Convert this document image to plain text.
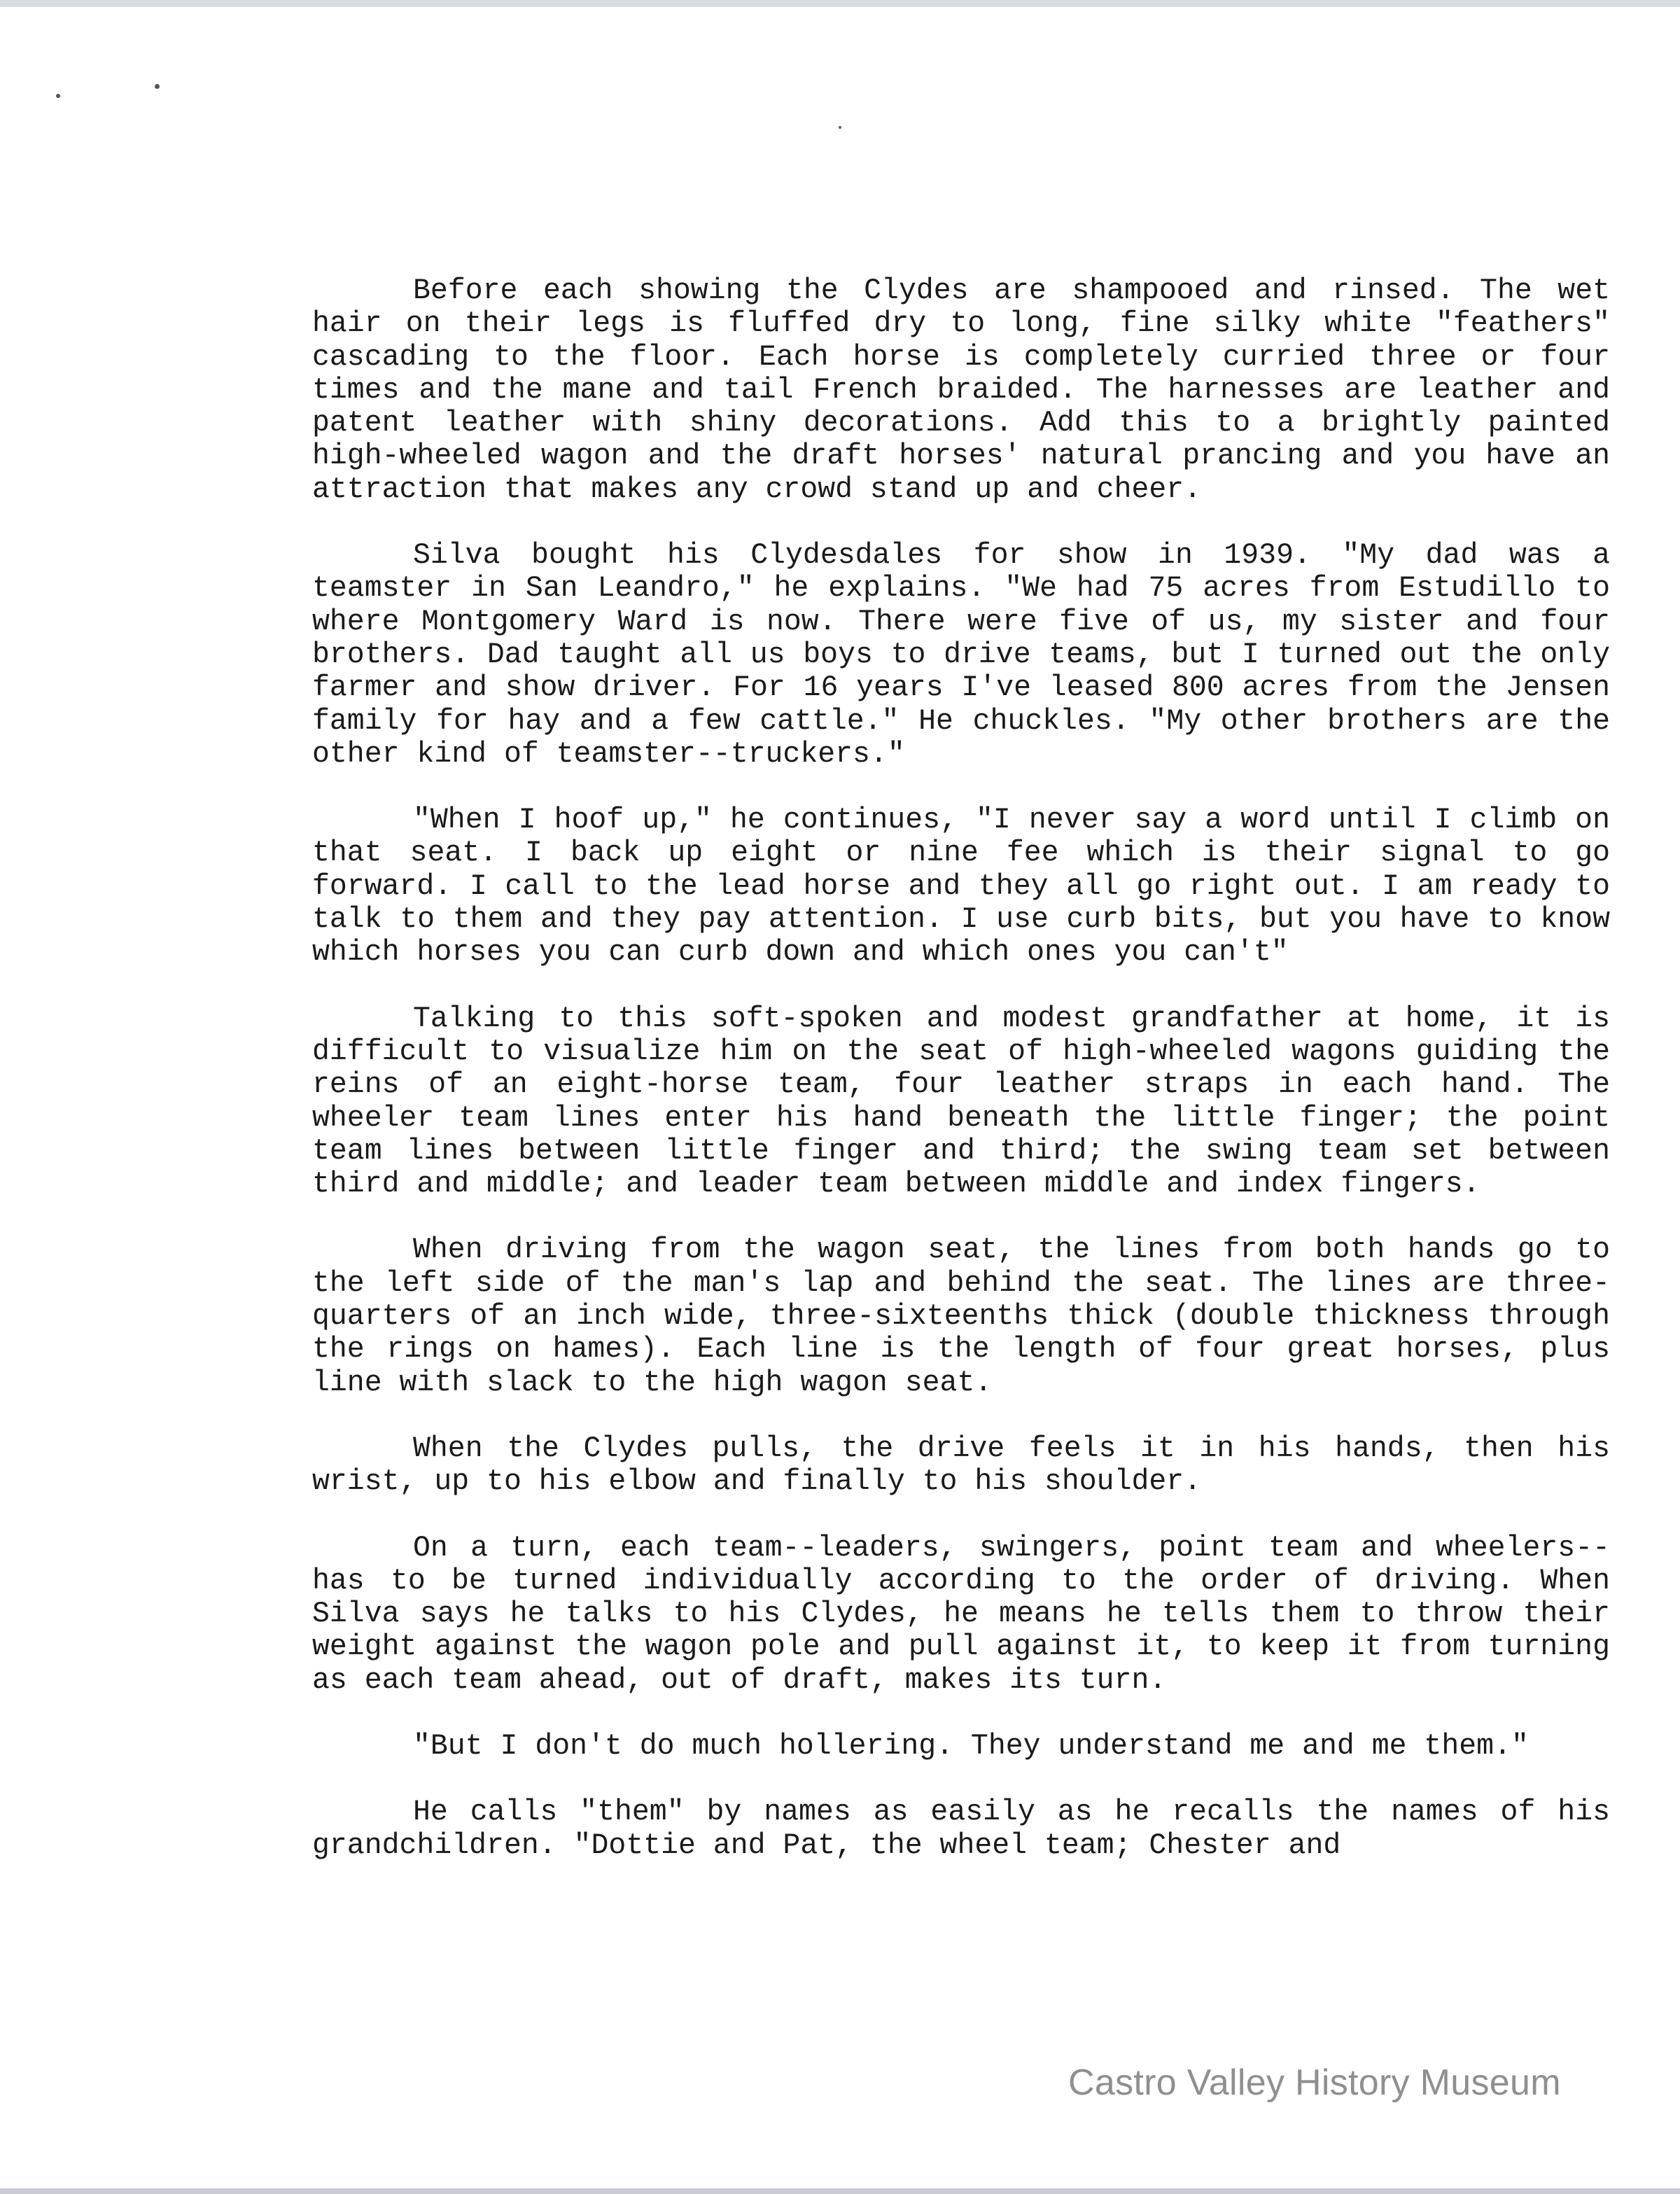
Before each showing the Clydes are shampooed and rinsed. The wet hair on their legs is fluffed dry to long, fine silky white "feathers" cascading to the floor. Each horse is completely curried three or four times and the mane and tail French braided. The harnesses are leather and patent leather with shiny decorations. Add this to a brightly painted high-wheeled wagon and the draft horses' natural prancing and you have an attraction that makes any crowd stand up and cheer.

Silva bought his Clydesdales for show in 1939. "My dad was a teamster in San Leandro," he explains. "We had 75 acres from Estudillo to where Montgomery Ward is now. There were five of us, my sister and four brothers. Dad taught all us boys to drive teams, but I turned out the only farmer and show driver. For 16 years I've leased 800 acres from the Jensen family for hay and a few cattle." He chuckles. "My other brothers are the other kind of teamster--truckers."

"When I hoof up," he continues, "I never say a word until I climb on that seat. I back up eight or nine fee which is their signal to go forward. I call to the lead horse and they all go right out. I am ready to talk to them and they pay attention. I use curb bits, but you have to know which horses you can curb down and which ones you can't"

Talking to this soft-spoken and modest grandfather at home, it is difficult to visualize him on the seat of high-wheeled wagons guiding the reins of an eight-horse team, four leather straps in each hand. The wheeler team lines enter his hand beneath the little finger; the point team lines between little finger and third; the swing team set between third and middle; and leader team between middle and index fingers.

When driving from the wagon seat, the lines from both hands go to the left side of the man's lap and behind the seat. The lines are three-quarters of an inch wide, three-sixteenths thick (double thickness through the rings on hames). Each line is the length of four great horses, plus line with slack to the high wagon seat.

When the Clydes pulls, the drive feels it in his hands, then his wrist, up to his elbow and finally to his shoulder.

On a turn, each team--leaders, swingers, point team and wheelers--has to be turned individually according to the order of driving. When Silva says he talks to his Clydes, he means he tells them to throw their weight against the wagon pole and pull against it, to keep it from turning as each team ahead, out of draft, makes its turn.

"But I don't do much hollering. They understand me and me them."

He calls "them" by names as easily as he recalls the names of his grandchildren. "Dottie and Pat, the wheel team; Chester and

Castro Valley History Museum
